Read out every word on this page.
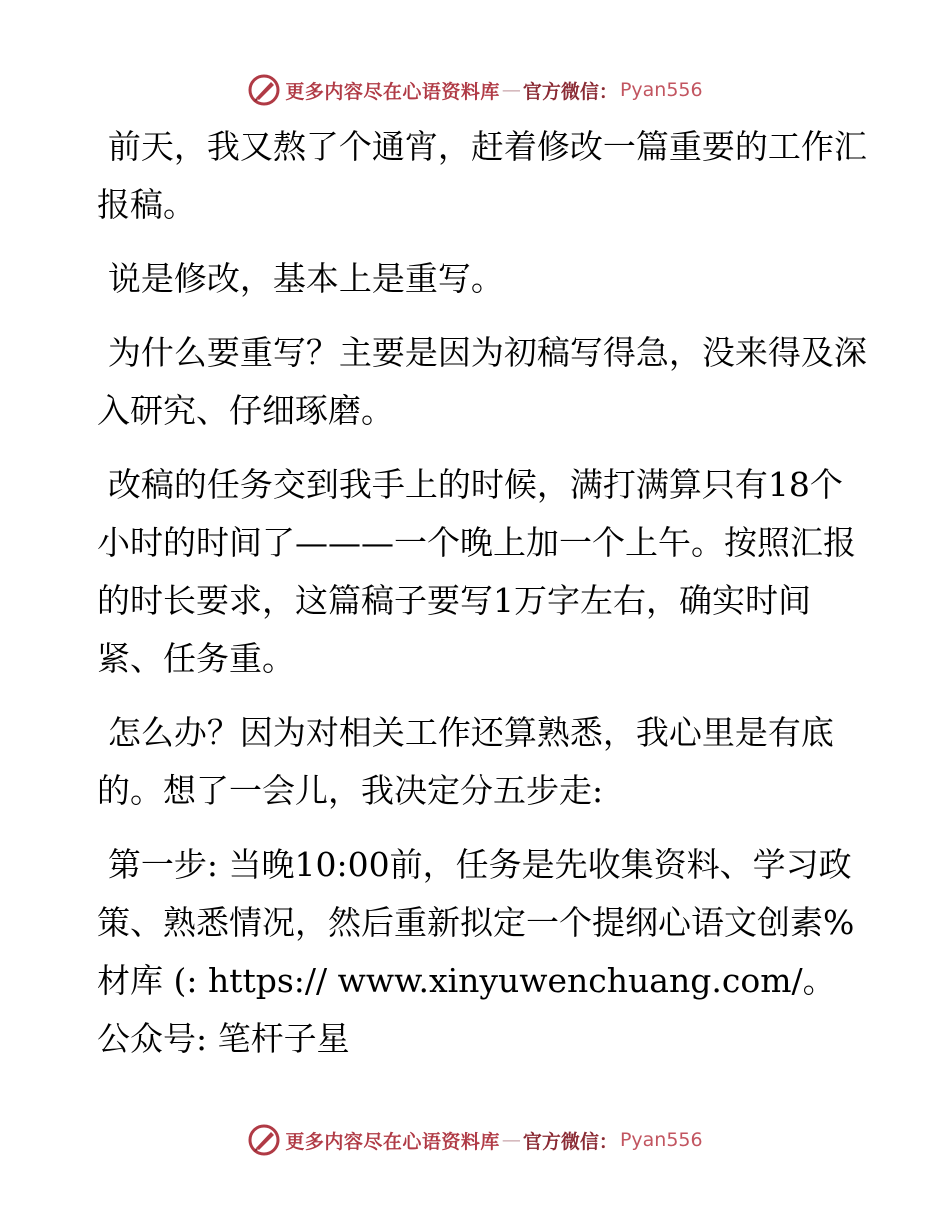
更多内容尽在心语资料库 — 官方微信： Pyan556

前天，我又熬了个通宵，赶着修改一篇重要的工作汇报稿。

说是修改，基本上是重写。

为什么要重写？主要是因为初稿写得急，没来得及深入研究、仔细琢磨。

改稿的任务交到我手上的时候，满打满算只有18个小时的时间了———一个晚上加一个上午。按照汇报的时长要求，这篇稿子要写1万字左右，确实时间紧、任务重。

怎么办？因为对相关工作还算熟悉，我心里是有底的。想了一会儿，我决定分五步走:

第一步: 当晚10:00前，任务是先收集资料、学习政策、熟悉情况，然后重新拟定一个提纲心语文创素%材库 (: https:// www.xinyuwenchuang.com/。公众号: 笔杆子星

更多内容尽在心语资料库 — 官方微信： Pyan556
